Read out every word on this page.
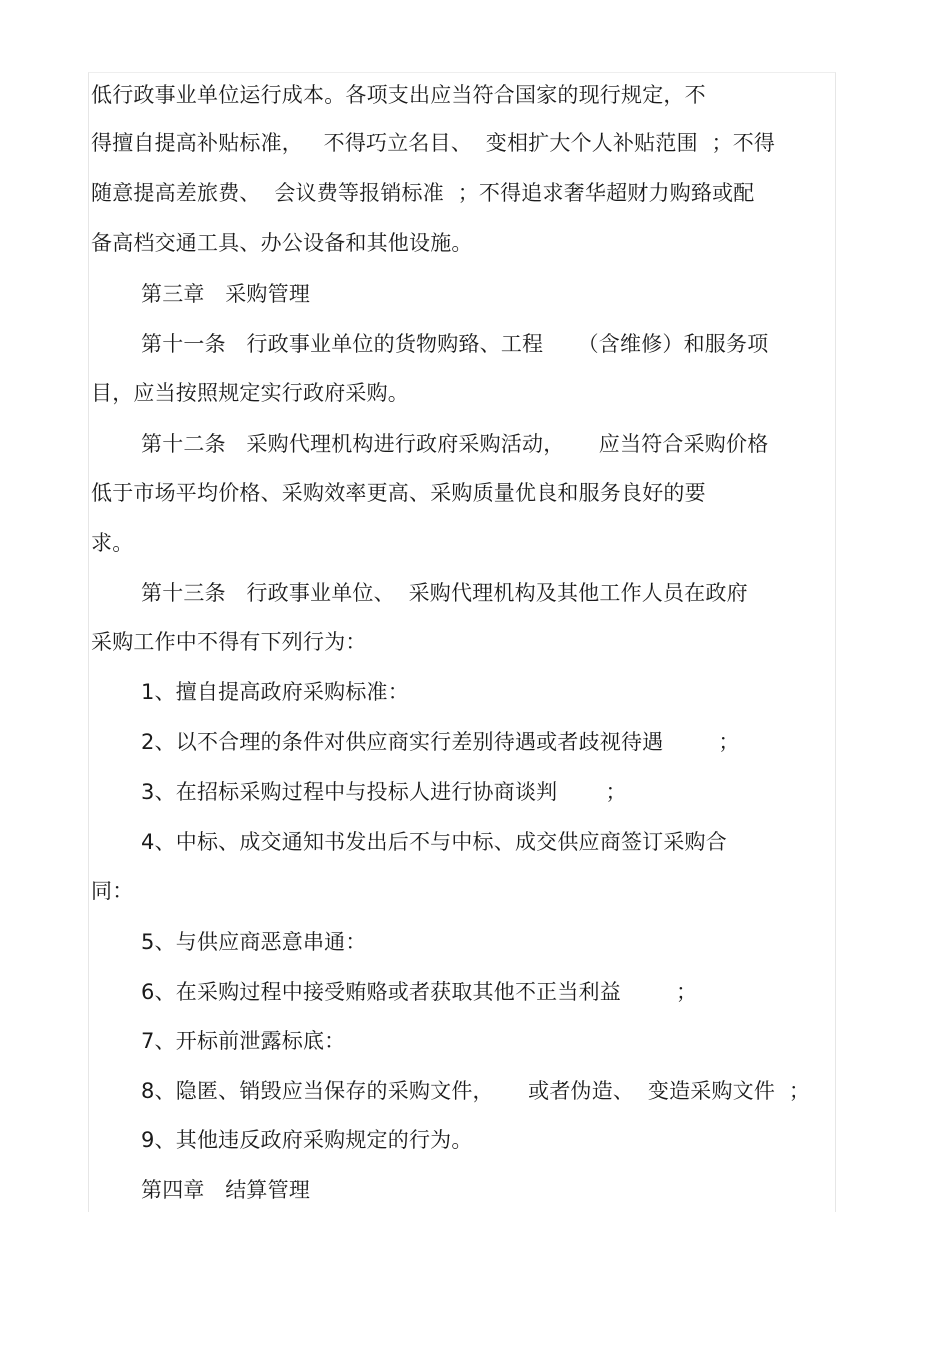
低行政事业单位运行成本。各项支出应当符合国家的现行规定，不
得擅自提高补贴标准，   不得巧立名目、  变相扩大个人补贴范围  ；不得
随意提高差旅费、  会议费等报销标准  ；不得追求奢华超财力购臵或配
备高档交通工具、办公设备和其他设施。
第三章   采购管理
第十一条   行政事业单位的货物购臵、工程     （含维修）和服务项
目，应当按照规定实行政府采购。
第十二条   采购代理机构进行政府采购活动，     应当符合采购价格
低于市场平均价格、采购效率更高、采购质量优良和服务良好的要
求。
第十三条   行政事业单位、  采购代理机构及其他工作人员在政府
采购工作中不得有下列行为：
1、擅自提高政府采购标准：
2、以不合理的条件对供应商实行差别待遇或者歧视待遇        ；
3、在招标采购过程中与投标人进行协商谈判       ；
4、中标、成交通知书发出后不与中标、成交供应商签订采购合
同：
5、与供应商恶意串通：
6、在采购过程中接受贿赂或者获取其他不正当利益        ；
7、开标前泄露标底：
8、隐匿、销毁应当保存的采购文件，     或者伪造、  变造采购文件  ；
9、其他违反政府采购规定的行为。
第四章   结算管理
